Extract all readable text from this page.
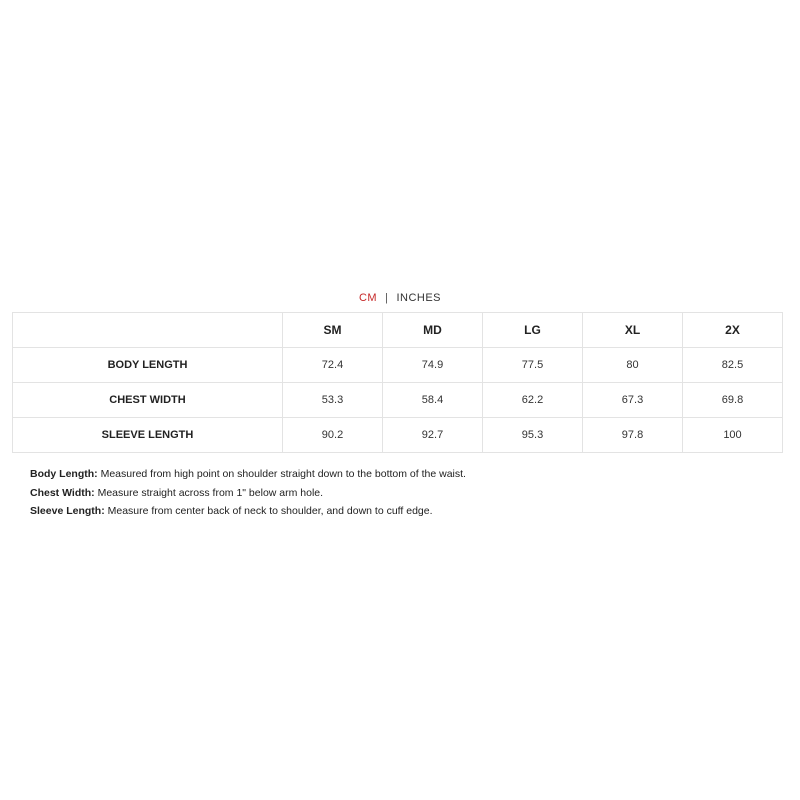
CM | INCHES
	SM	MD	LG	XL	2X
BODY LENGTH	72.4	74.9	77.5	80	82.5
CHEST WIDTH	53.3	58.4	62.2	67.3	69.8
SLEEVE LENGTH	90.2	92.7	95.3	97.8	100
Body Length: Measured from high point on shoulder straight down to the bottom of the waist.
Chest Width: Measure straight across from 1" below arm hole.
Sleeve Length: Measure from center back of neck to shoulder, and down to cuff edge.
